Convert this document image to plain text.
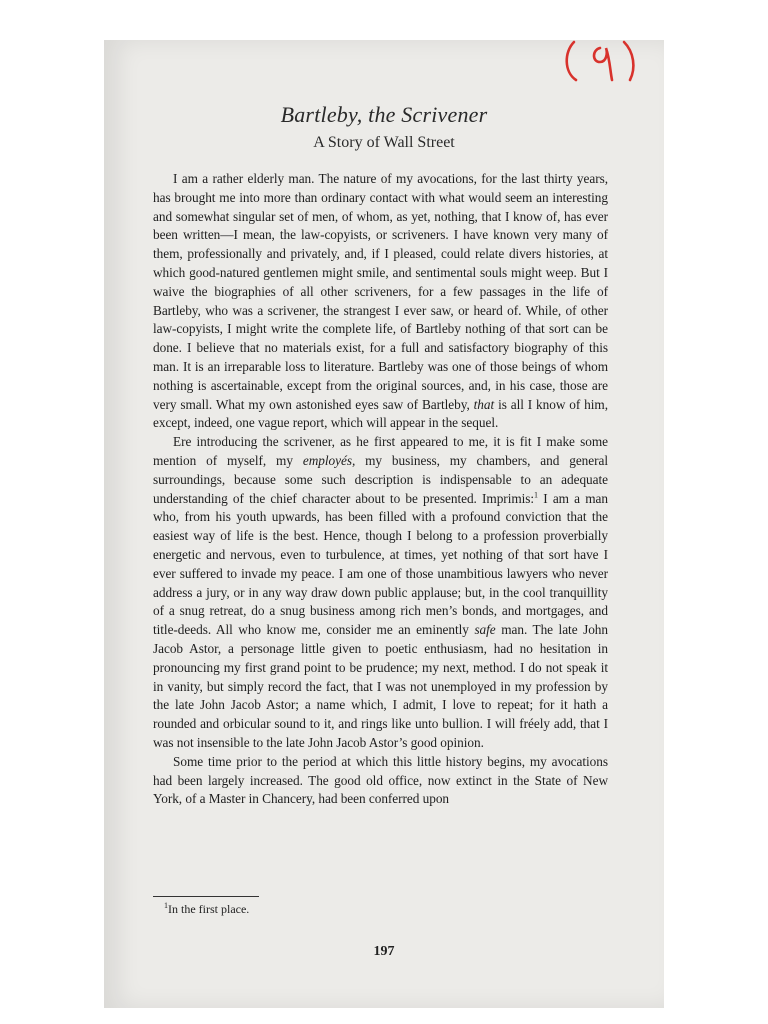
Bartleby, the Scrivener
A Story of Wall Street

I am a rather elderly man. The nature of my avocations, for the last thirty years, has brought me into more than ordinary contact with what would seem an interesting and somewhat singular set of men, of whom, as yet, nothing, that I know of, has ever been written—I mean, the law-copyists, or scriveners. I have known very many of them, professionally and privately, and, if I pleased, could relate divers histories, at which good-natured gentlemen might smile, and sentimental souls might weep. But I waive the biographies of all other scriveners, for a few passages in the life of Bartleby, who was a scrivener, the strangest I ever saw, or heard of. While, of other law-copyists, I might write the complete life, of Bartleby nothing of that sort can be done. I believe that no materials exist, for a full and satisfactory biography of this man. It is an irreparable loss to literature. Bartleby was one of those beings of whom nothing is ascertainable, except from the original sources, and, in his case, those are very small. What my own astonished eyes saw of Bartleby, that is all I know of him, except, indeed, one vague report, which will appear in the sequel.

Ere introducing the scrivener, as he first appeared to me, it is fit I make some mention of myself, my employés, my business, my chambers, and general surroundings, because some such description is indispensable to an adequate understanding of the chief character about to be presented. Imprimis:$^1$ I am a man who, from his youth upwards, has been filled with a profound conviction that the easiest way of life is the best. Hence, though I belong to a profession proverbially energetic and nervous, even to turbulence, at times, yet nothing of that sort have I ever suffered to invade my peace. I am one of those unambitious lawyers who never address a jury, or in any way draw down public applause; but, in the cool tranquillity of a snug retreat, do a snug business among rich men’s bonds, and mortgages, and title-deeds. All who know me, consider me an eminently safe man. The late John Jacob Astor, a personage little given to poetic enthusiasm, had no hesitation in pronouncing my first grand point to be prudence; my next, method. I do not speak it in vanity, but simply record the fact, that I was not unemployed in my profession by the late John Jacob Astor; a name which, I admit, I love to repeat; for it hath a rounded and orbicular sound to it, and rings like unto bullion. I will fréely add, that I was not insensible to the late John Jacob Astor’s good opinion.

Some time prior to the period at which this little history begins, my avocations had been largely increased. The good old office, now extinct in the State of New York, of a Master in Chancery, had been conferred upon

$^1$In the first place.
197
